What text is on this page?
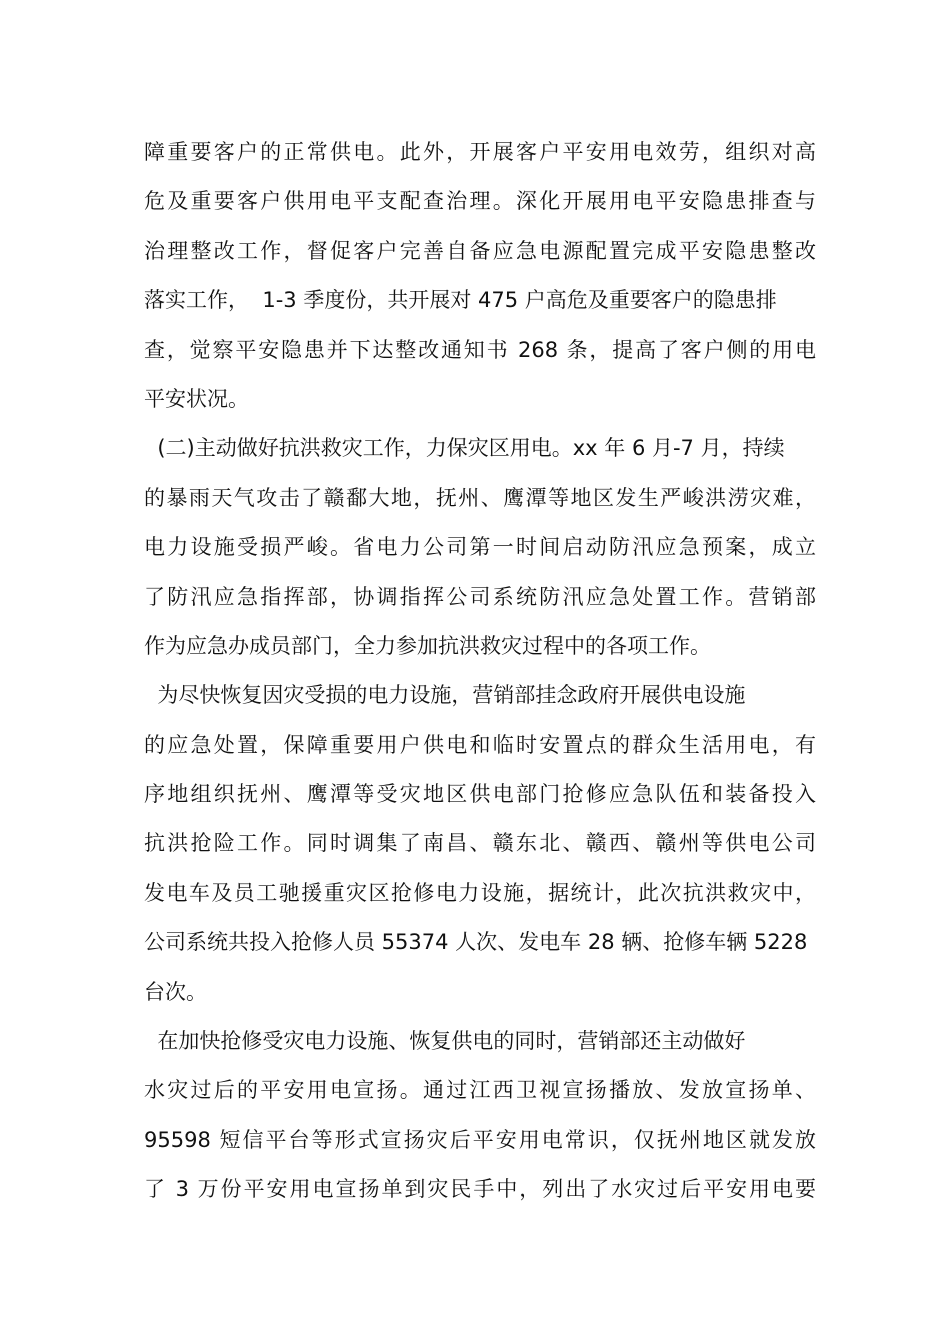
障重要客户的正常供电。此外，开展客户平安用电效劳，组织对高
危及重要客户供用电平支配查治理。深化开展用电平安隐患排查与
治理整改工作，督促客户完善自备应急电源配置完成平安隐患整改
落实工作，  1-3 季度份，共开展对 475 户高危及重要客户的隐患排
查，觉察平安隐患并下达整改通知书 268 条，提高了客户侧的用电
平安状况。
(二)主动做好抗洪救灾工作，力保灾区用电。xx 年 6 月-7 月，持续
的暴雨天气攻击了赣鄱大地，抚州、鹰潭等地区发生严峻洪涝灾难，
电力设施受损严峻。省电力公司第一时间启动防汛应急预案，成立
了防汛应急指挥部，协调指挥公司系统防汛应急处置工作。营销部
作为应急办成员部门，全力参加抗洪救灾过程中的各项工作。
为尽快恢复因灾受损的电力设施，营销部挂念政府开展供电设施
的应急处置，保障重要用户供电和临时安置点的群众生活用电，有
序地组织抚州、鹰潭等受灾地区供电部门抢修应急队伍和装备投入
抗洪抢险工作。同时调集了南昌、赣东北、赣西、赣州等供电公司
发电车及员工驰援重灾区抢修电力设施，据统计，此次抗洪救灾中，
公司系统共投入抢修人员 55374 人次、发电车 28 辆、抢修车辆 5228
台次。
在加快抢修受灾电力设施、恢复供电的同时，营销部还主动做好
水灾过后的平安用电宣扬。通过江西卫视宣扬播放、发放宣扬单、
95598 短信平台等形式宣扬灾后平安用电常识，仅抚州地区就发放
了 3 万份平安用电宣扬单到灾民手中，列出了水灾过后平安用电要
